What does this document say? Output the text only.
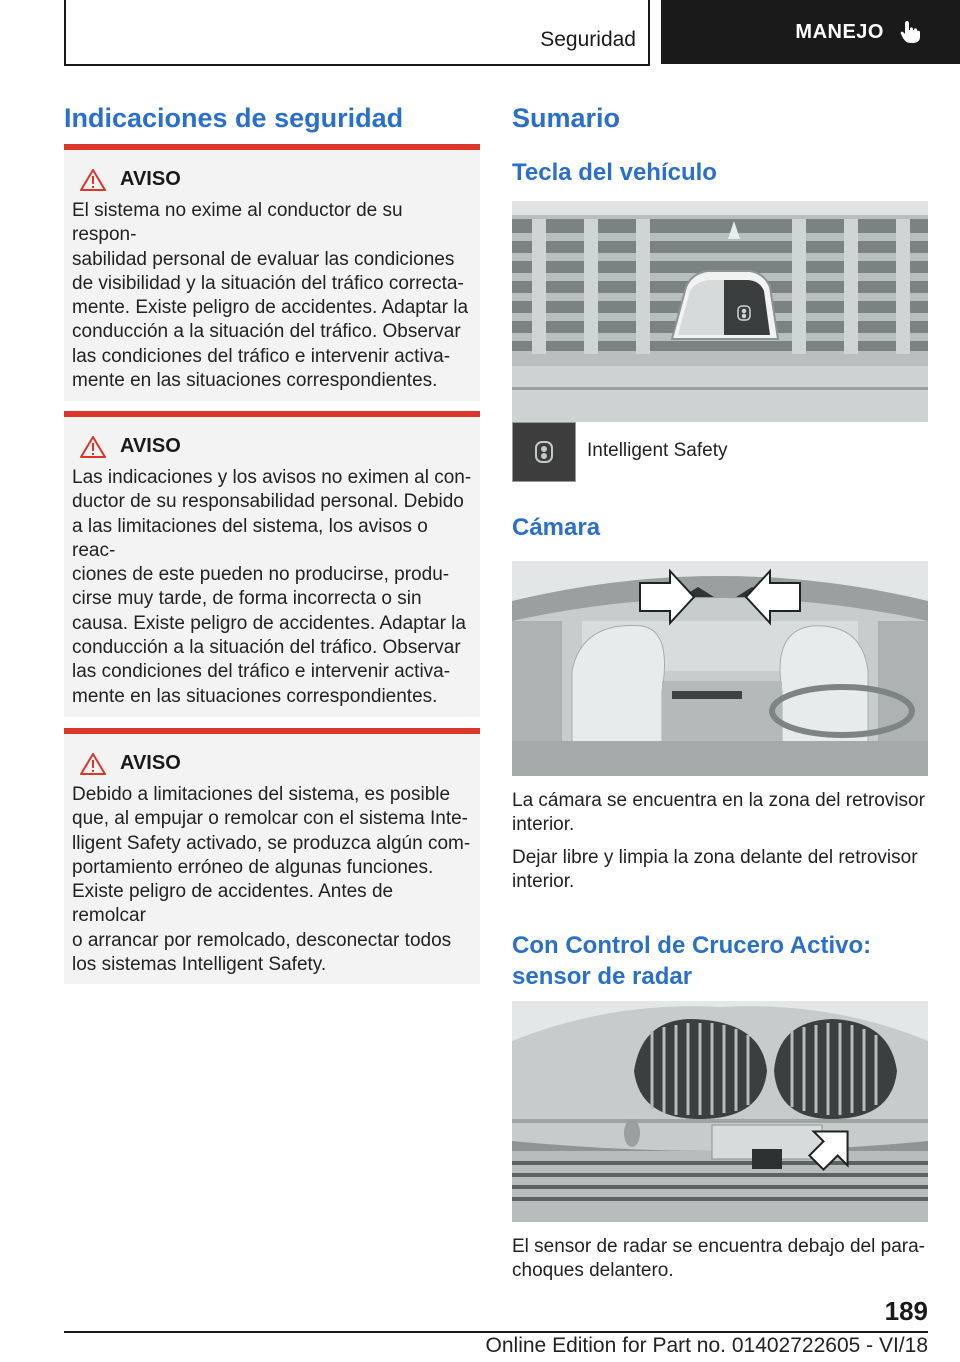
Seguridad	MANEJO
Indicaciones de seguridad
AVISO
El sistema no exime al conductor de su respon-
sabilidad personal de evaluar las condiciones
de visibilidad y la situación del tráfico correcta-
mente. Existe peligro de accidentes. Adaptar la
conducción a la situación del tráfico. Observar
las condiciones del tráfico e intervenir activa-
mente en las situaciones correspondientes.
AVISO
Las indicaciones y los avisos no eximen al con-
ductor de su responsabilidad personal. Debido
a las limitaciones del sistema, los avisos o reac-
ciones de este pueden no producirse, produ-
cirse muy tarde, de forma incorrecta o sin
causa. Existe peligro de accidentes. Adaptar la
conducción a la situación del tráfico. Observar
las condiciones del tráfico e intervenir activa-
mente en las situaciones correspondientes.
AVISO
Debido a limitaciones del sistema, es posible
que, al empujar o remolcar con el sistema Inte-
lligent Safety activado, se produzca algún com-
portamiento erróneo de algunas funciones.
Existe peligro de accidentes. Antes de remolcar
o arrancar por remolcado, desconectar todos
los sistemas Intelligent Safety.
Sumario
Tecla del vehículo
Intelligent Safety
Cámara
La cámara se encuentra en la zona del retrovisor interior.
Dejar libre y limpia la zona delante del retrovisor interior.
Con Control de Crucero Activo: sensor de radar
El sensor de radar se encuentra debajo del para-choques delantero.
189
Online Edition for Part no. 01402722605 - VI/18
